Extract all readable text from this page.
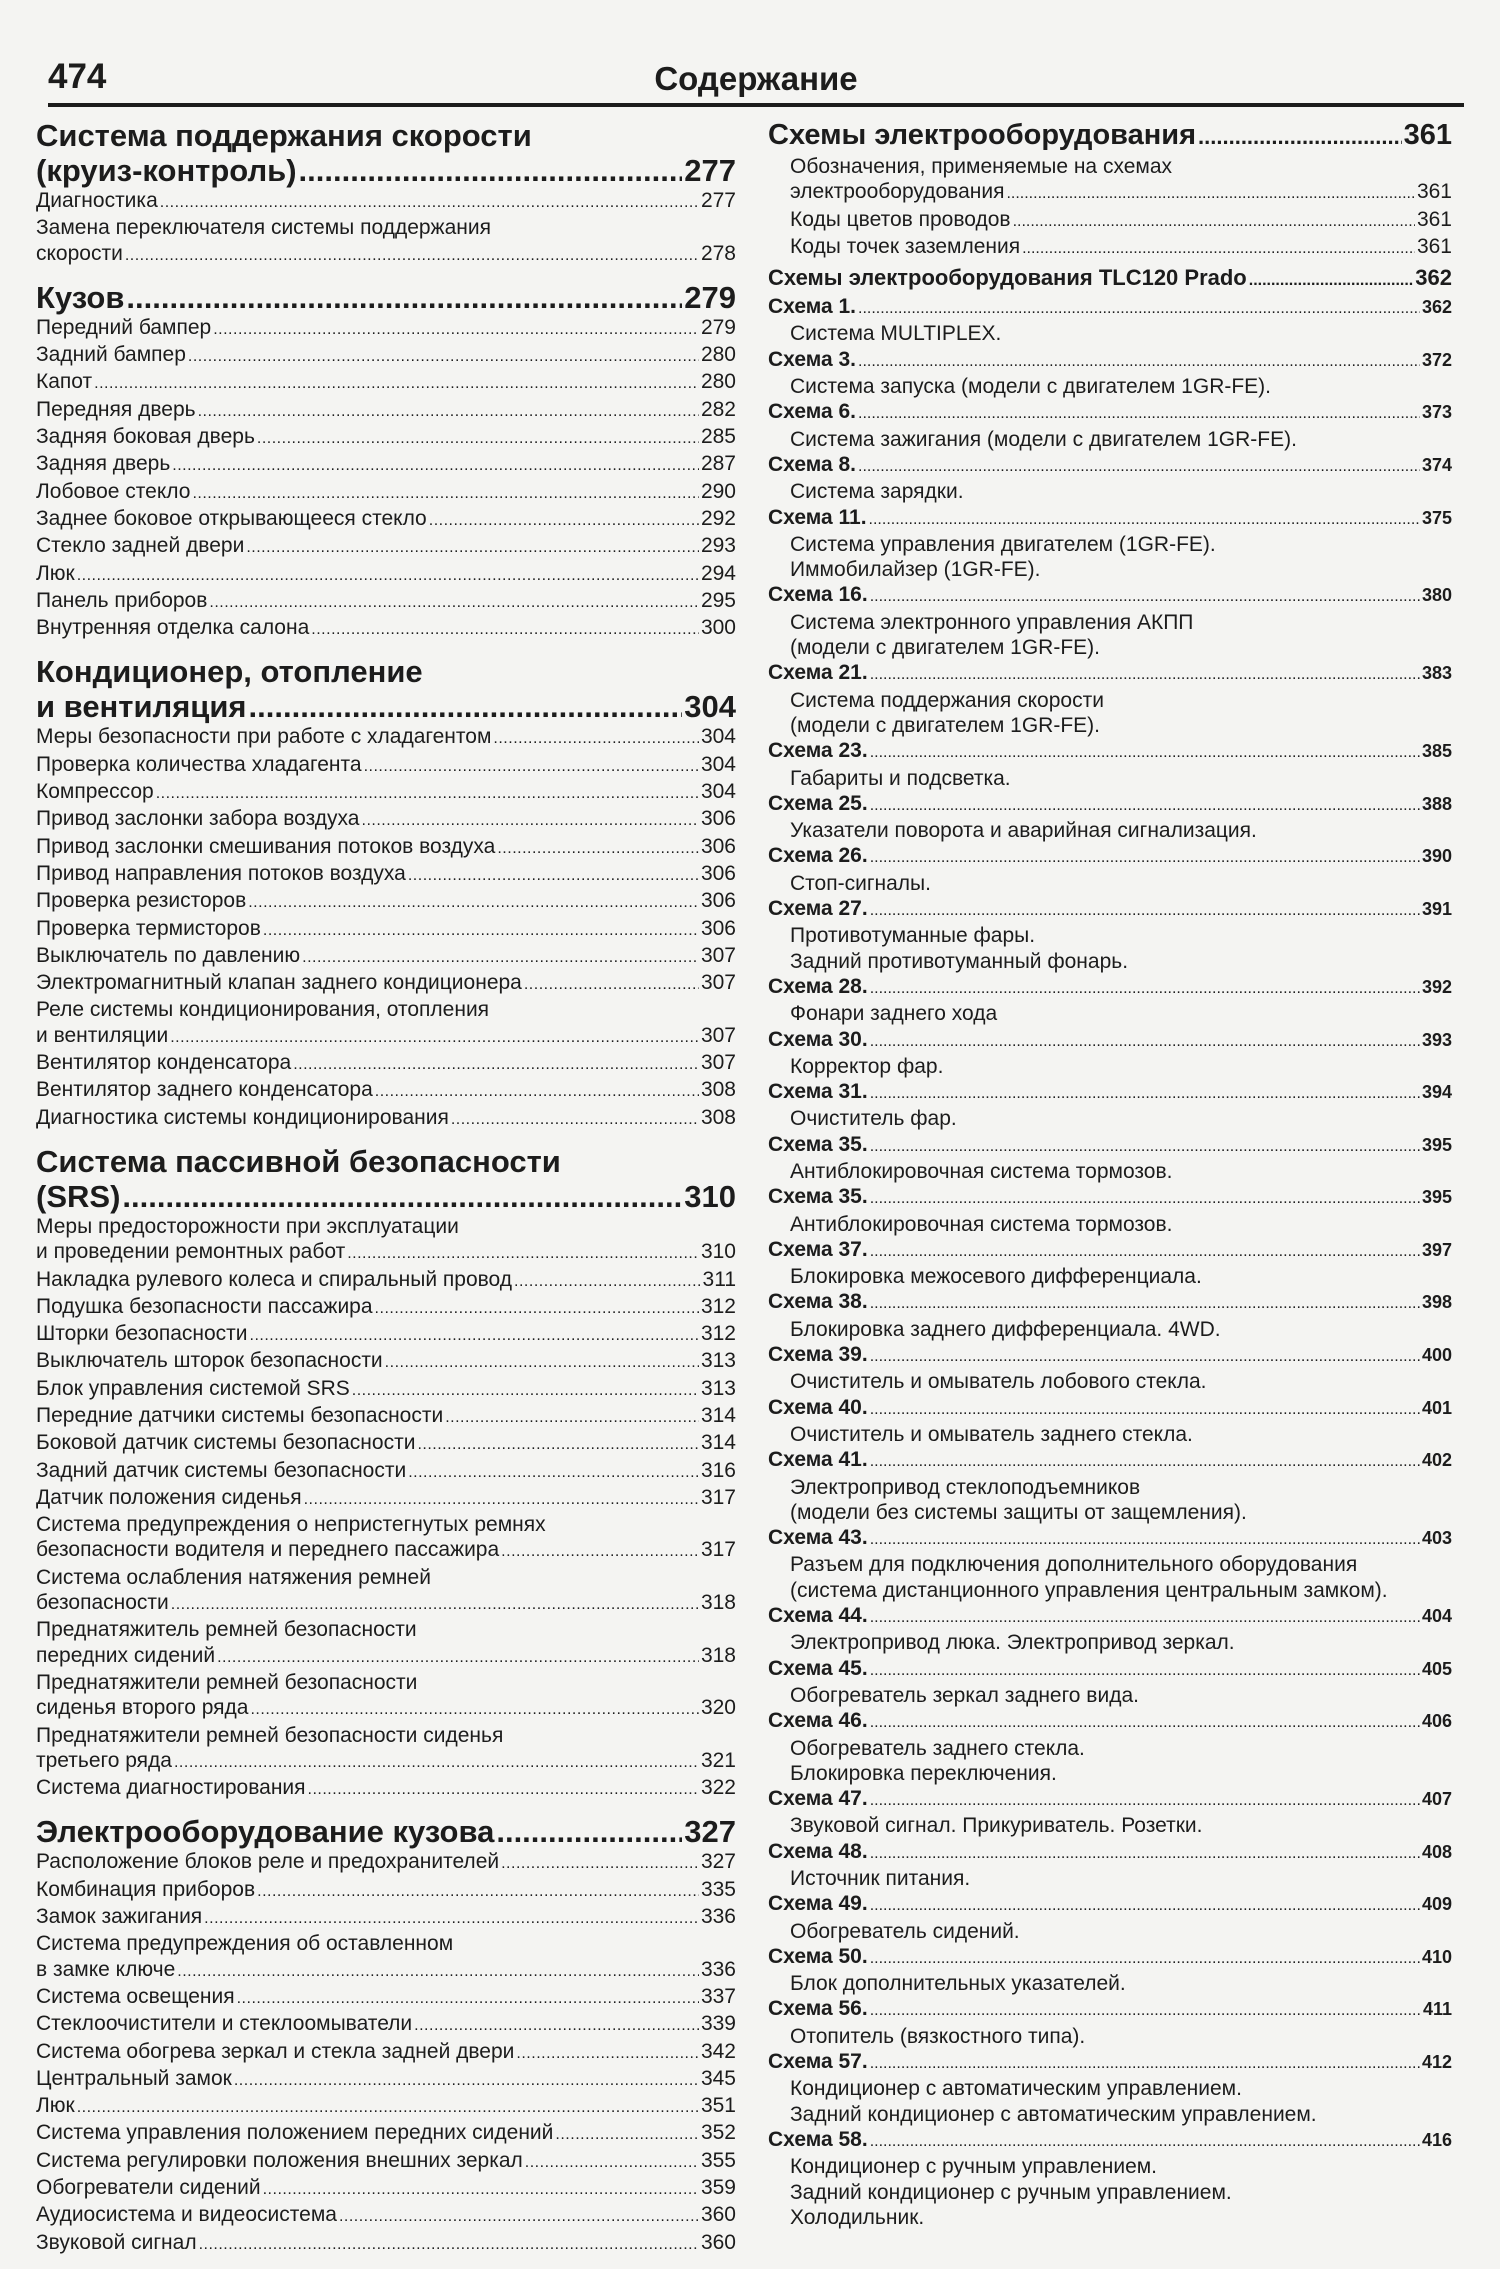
474	Содержание
Система поддержания скорости
(круиз-контроль) .....	277
Диагностика .....	277
Замена переключателя системы поддержания
скорости .....	278
Кузов .....	279
Передний бампер .....	279
Задний бампер .....	280
Капот .....	280
Передняя дверь .....	282
Задняя боковая дверь .....	285
Задняя дверь .....	287
Лобовое стекло .....	290
Заднее боковое открывающееся стекло .....	292
Стекло задней двери .....	293
Люк .....	294
Панель приборов .....	295
Внутренняя отделка салона .....	300
Кондиционер, отопление
и вентиляция .....	304
Меры безопасности при работе с хладагентом .....	304
Проверка количества хладагента .....	304
Компрессор .....	304
Привод заслонки забора воздуха .....	306
Привод заслонки смешивания потоков воздуха .....	306
Привод направления потоков воздуха .....	306
Проверка резисторов .....	306
Проверка термисторов .....	306
Выключатель по давлению .....	307
Электромагнитный клапан заднего кондиционера .....	307
Реле системы кондиционирования, отопления
и вентиляции .....	307
Вентилятор конденсатора .....	307
Вентилятор заднего конденсатора .....	308
Диагностика системы кондиционирования .....	308
Система пассивной безопасности
(SRS) .....	310
Меры предосторожности при эксплуатации
и проведении ремонтных работ .....	310
Накладка рулевого колеса и спиральный провод .....	311
Подушка безопасности пассажира .....	312
Шторки безопасности .....	312
Выключатель шторок безопасности .....	313
Блок управления системой SRS .....	313
Передние датчики системы безопасности .....	314
Боковой датчик системы безопасности .....	314
Задний датчик системы безопасности .....	316
Датчик положения сиденья .....	317
Система предупреждения о непристегнутых ремнях
безопасности водителя и переднего пассажира .....	317
Система ослабления натяжения ремней
безопасности .....	318
Преднатяжитель ремней безопасности
передних сидений .....	318
Преднатяжители ремней безопасности
сиденья второго ряда .....	320
Преднатяжители ремней безопасности сиденья
третьего ряда .....	321
Система диагностирования .....	322
Электрооборудование кузова .....	327
Расположение блоков реле и предохранителей .....	327
Комбинация приборов .....	335
Замок зажигания .....	336
Система предупреждения об оставленном
в замке ключе .....	336
Система освещения .....	337
Стеклоочистители и стеклоомыватели .....	339
Система обогрева зеркал и стекла задней двери .....	342
Центральный замок .....	345
Люк .....	351
Система управления положением передних сидений .....	352
Система регулировки положения внешних зеркал .....	355
Обогреватели сидений .....	359
Аудиосистема и видеосистема .....	360
Звуковой сигнал .....	360
Схемы электрооборудования .....	361
Обозначения, применяемые на схемах
электрооборудования .....	361
Коды цветов проводов .....	361
Коды точек заземления .....	361
Схемы электрооборудования TLC120 Prado .....	362
Схема 1. .....	362
Система MULTIPLEX.
Схема 3. .....	372
Система запуска (модели с двигателем 1GR-FE).
Схема 6. .....	373
Система зажигания (модели с двигателем 1GR-FE).
Схема 8. .....	374
Система зарядки.
Схема 11. .....	375
Система управления двигателем (1GR-FE).
Иммобилайзер (1GR-FE).
Схема 16. .....	380
Система электронного управления АКПП
(модели с двигателем 1GR-FE).
Схема 21. .....	383
Система поддержания скорости
(модели с двигателем 1GR-FE).
Схема 23. .....	385
Габариты и подсветка.
Схема 25. .....	388
Указатели поворота и аварийная сигнализация.
Схема 26. .....	390
Стоп-сигналы.
Схема 27. .....	391
Противотуманные фары.
Задний противотуманный фонарь.
Схема 28. .....	392
Фонари заднего хода
Схема 30. .....	393
Корректор фар.
Схема 31. .....	394
Очиститель фар.
Схема 35. .....	395
Антиблокировочная система тормозов.
Схема 35. .....	395
Антиблокировочная система тормозов.
Схема 37. .....	397
Блокировка межосевого дифференциала.
Схема 38. .....	398
Блокировка заднего дифференциала. 4WD.
Схема 39. .....	400
Очиститель и омыватель лобового стекла.
Схема 40. .....	401
Очиститель и омыватель заднего стекла.
Схема 41. .....	402
Электропривод стеклоподъемников
(модели без системы защиты от защемления).
Схема 43. .....	403
Разъем для подключения дополнительного оборудования
(система дистанционного управления центральным замком).
Схема 44. .....	404
Электропривод люка. Электропривод зеркал.
Схема 45. .....	405
Обогреватель зеркал заднего вида.
Схема 46. .....	406
Обогреватель заднего стекла.
Блокировка переключения.
Схема 47. .....	407
Звуковой сигнал. Прикуриватель. Розетки.
Схема 48. .....	408
Источник питания.
Схема 49. .....	409
Обогреватель сидений.
Схема 50. .....	410
Блок дополнительных указателей.
Схема 56. .....	411
Отопитель (вязкостного типа).
Схема 57. .....	412
Кондиционер с автоматическим управлением.
Задний кондиционер с автоматическим управлением.
Схема 58. .....	416
Кондиционер с ручным управлением.
Задний кондиционер с ручным управлением.
Холодильник.
